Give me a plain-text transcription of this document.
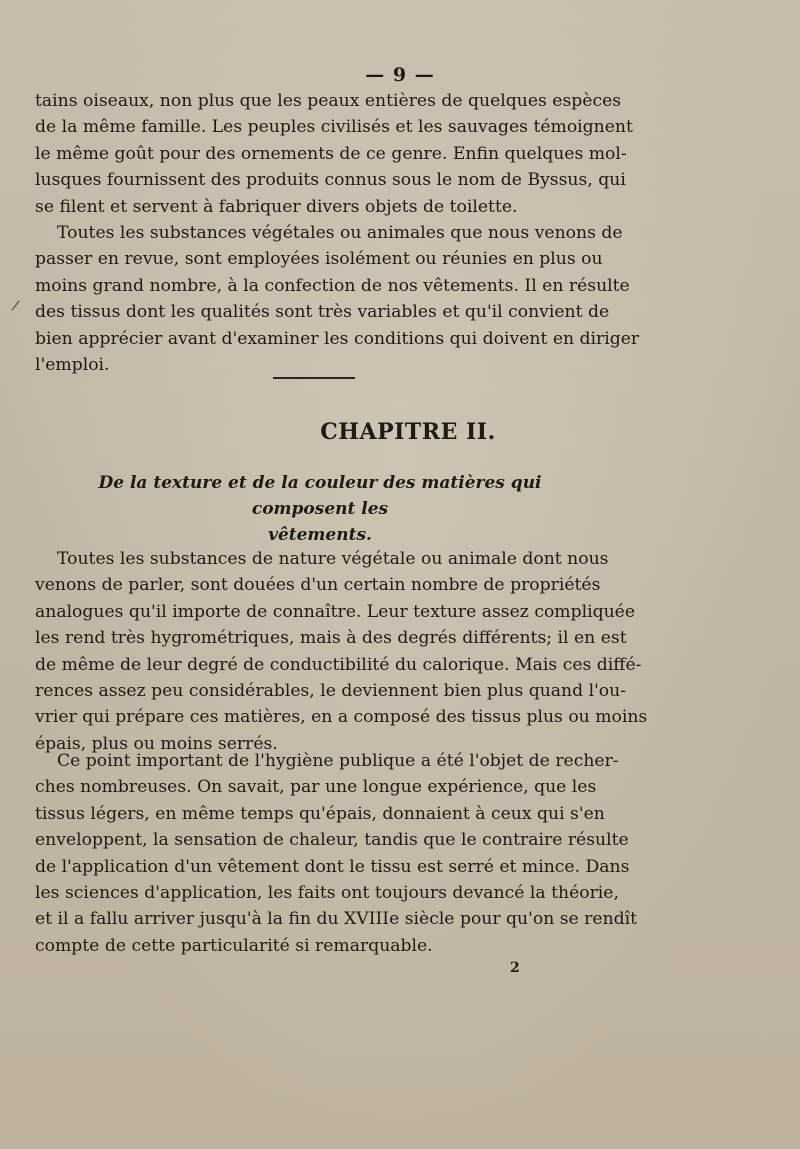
— 9 —
tains oiseaux, non plus que les peaux entières de quelques espèces
de la même famille. Les peuples civilisés et les sauvages témoignent
le même goût pour des ornements de ce genre. Enfin quelques mol-
lusques fournissent des produits connus sous le nom de Byssus, qui
se filent et servent à fabriquer divers objets de toilette.
Toutes les substances végétales ou animales que nous venons de
passer en revue, sont employées isolément ou réunies en plus ou
moins grand nombre, à la confection de nos vêtements. Il en résulte
des tissus dont les qualités sont très variables et qu'il convient de
bien apprécier avant d'examiner les conditions qui doivent en diriger
l'emploi.
/
CHAPITRE II.
De la texture et de la couleur des matières qui composent les
vêtements.
Toutes les substances de nature végétale ou animale dont nous
venons de parler, sont douées d'un certain nombre de propriétés
analogues qu'il importe de connaître. Leur texture assez compliquée
les rend très hygrométriques, mais à des degrés différents; il en est
de même de leur degré de conductibilité du calorique. Mais ces diffé-
rences assez peu considérables, le deviennent bien plus quand l'ou-
vrier qui prépare ces matières, en a composé des tissus plus ou moins
épais, plus ou moins serrés.
Ce point important de l'hygiène publique a été l'objet de recher-
ches nombreuses. On savait, par une longue expérience, que les
tissus légers, en même temps qu'épais, donnaient à ceux qui s'en
enveloppent, la sensation de chaleur, tandis que le contraire résulte
de l'application d'un vêtement dont le tissu est serré et mince. Dans
les sciences d'application, les faits ont toujours devancé la théorie,
et il a fallu arriver jusqu'à la fin du XVIIIe siècle pour qu'on se rendît
compte de cette particularité si remarquable.
2
